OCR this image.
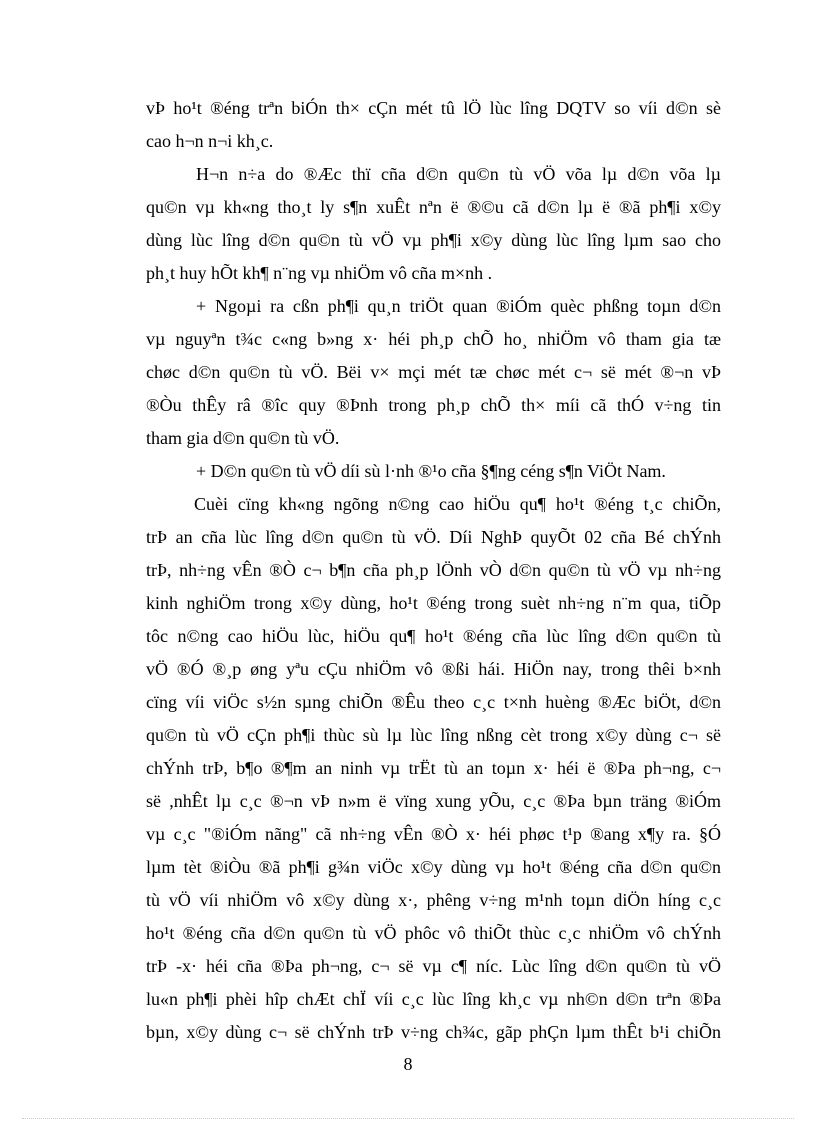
vÞ ho¹t ®éng trªn biÓn th× cÇn mét tû lÖ lùc lîng DQTV so víi d©n sè
cao h¬n n¬i kh¸c.
H¬n n÷a do ®Æc thï cña d©n qu©n tù vÖ võa lµ d©n võa lµ
qu©n vµ kh«ng tho¸t ly s¶n xuÊt nªn ë ®©u cã d©n lµ ë ®ã ph¶i x©y
dùng lùc lîng d©n qu©n tù vÖ vµ ph¶i x©y dùng lùc lîng lµm sao cho
ph¸t huy hÕt kh¶ n¨ng vµ nhiÖm vô cña m×nh .
+ Ngoµi ra cßn ph¶i qu¸n triÖt quan ®iÓm quèc phßng toµn d©n
vµ nguyªn t¾c c«ng b»ng x· héi ph¸p chÕ ho¸ nhiÖm vô tham gia tæ
chøc d©n qu©n tù vÖ. Bëi v× mçi mét tæ chøc mét c¬ së mét ®¬n vÞ
®Òu thÊy râ ®îc quy ®Þnh trong ph¸p chÕ th× míi cã thÓ v÷ng tin
tham gia d©n qu©n tù vÖ.
+ D©n qu©n tù vÖ díi sù l·nh ®¹o cña §¶ng céng s¶n ViÖt Nam.
Cuèi cïng kh«ng ngõng n©ng cao hiÖu qu¶ ho¹t ®éng t¸c chiÕn,
trÞ an cña lùc lîng d©n qu©n tù vÖ. Díi NghÞ quyÕt 02 cña Bé chÝnh
trÞ, nh÷ng vÊn ®Ò c¬ b¶n cña ph¸p lÖnh vÒ d©n qu©n tù vÖ vµ nh÷ng
kinh nghiÖm trong x©y dùng, ho¹t ®éng trong suèt nh÷ng n¨m qua, tiÕp
tôc n©ng cao hiÖu lùc, hiÖu qu¶ ho¹t ®éng cña lùc lîng d©n qu©n tù
vÖ ®Ó ®¸p øng yªu cÇu nhiÖm vô ®ßi hái. HiÖn nay, trong thêi b×nh
cïng víi viÖc s½n sµng chiÕn ®Êu theo c¸c t×nh huèng ®Æc biÖt, d©n
qu©n tù vÖ cÇn ph¶i thùc sù lµ lùc lîng nßng cèt trong x©y dùng c¬ së
chÝnh trÞ, b¶o ®¶m an ninh vµ trËt tù an toµn x· héi ë ®Þa ph¬ng, c¬
së ,nhÊt lµ c¸c ®¬n vÞ n»m ë vïng xung yÕu, c¸c ®Þa bµn träng ®iÓm
vµ c¸c "®iÓm nãng" cã nh÷ng vÊn ®Ò x· héi phøc t¹p ®ang x¶y ra. §Ó
lµm tèt ®iÒu ®ã ph¶i g¾n viÖc x©y dùng vµ ho¹t ®éng cña d©n qu©n
tù vÖ víi nhiÖm vô x©y dùng x·, phêng v÷ng m¹nh toµn diÖn híng c¸c
ho¹t ®éng cña d©n qu©n tù vÖ phôc vô thiÕt thùc c¸c nhiÖm vô chÝnh
trÞ -x· héi cña ®Þa ph¬ng, c¬ së vµ c¶ níc. Lùc lîng d©n qu©n tù vÖ
lu«n ph¶i phèi hîp chÆt chÏ víi c¸c lùc lîng kh¸c vµ nh©n d©n trªn ®Þa
bµn, x©y dùng c¬ së chÝnh trÞ v÷ng ch¾c, gãp phÇn lµm thÊt b¹i chiÕn
8
